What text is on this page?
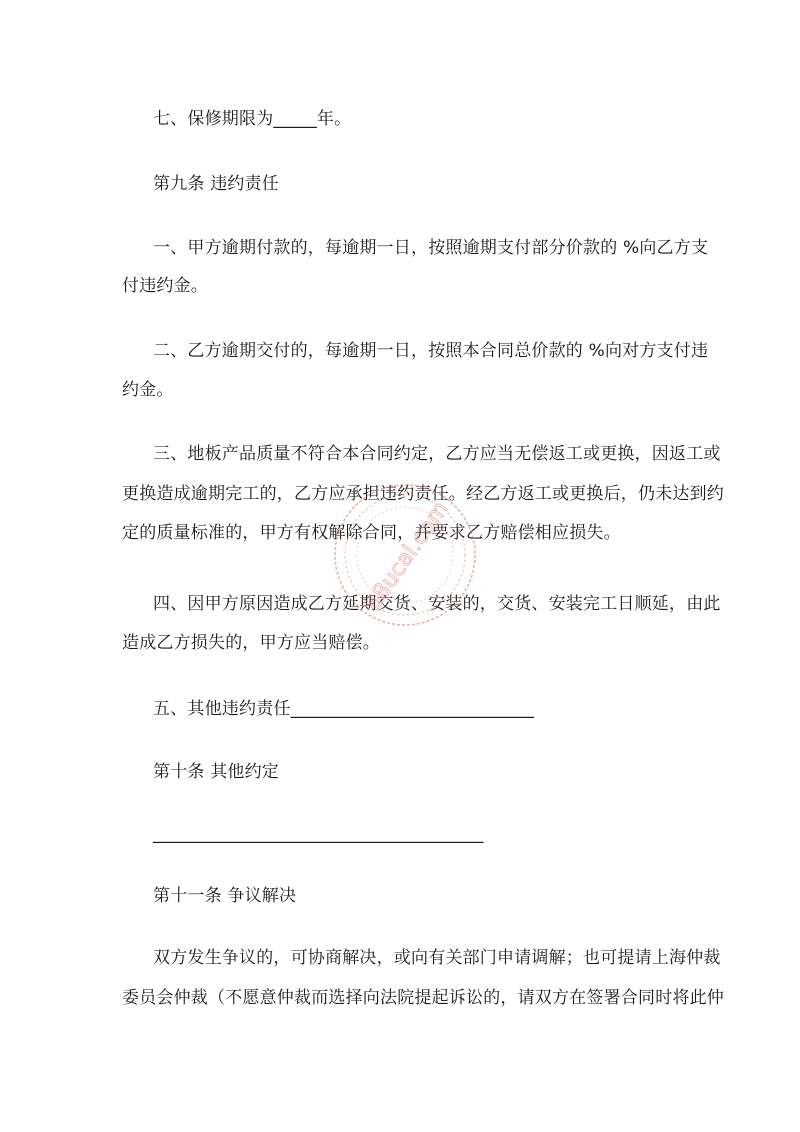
七、保修期限为_____年。
第九条 违约责任
一、甲方逾期付款的，每逾期一日，按照逾期支付部分价款的 %向乙方支
付违约金。
二、乙方逾期交付的，每逾期一日，按照本合同总价款的 %向对方支付违
约金。
三、地板产品质量不符合本合同约定，乙方应当无偿返工或更换，因返工或
更换造成逾期完工的，乙方应承担违约责任。经乙方返工或更换后，仍未达到约
定的质量标准的，甲方有权解除合同，并要求乙方赔偿相应损失。
四、因甲方原因造成乙方延期交货、安装的，交货、安装完工日顺延，由此
造成乙方损失的，甲方应当赔偿。
五、其他违约责任____________________________
第十条 其他约定
______________________________________
第十一条 争议解决
双方发生争议的，可协商解决，或向有关部门申请调解；也可提请上海仲裁
委员会仲裁（不愿意仲裁而选择向法院提起诉讼的，请双方在签署合同时将此仲
88ucai.com
